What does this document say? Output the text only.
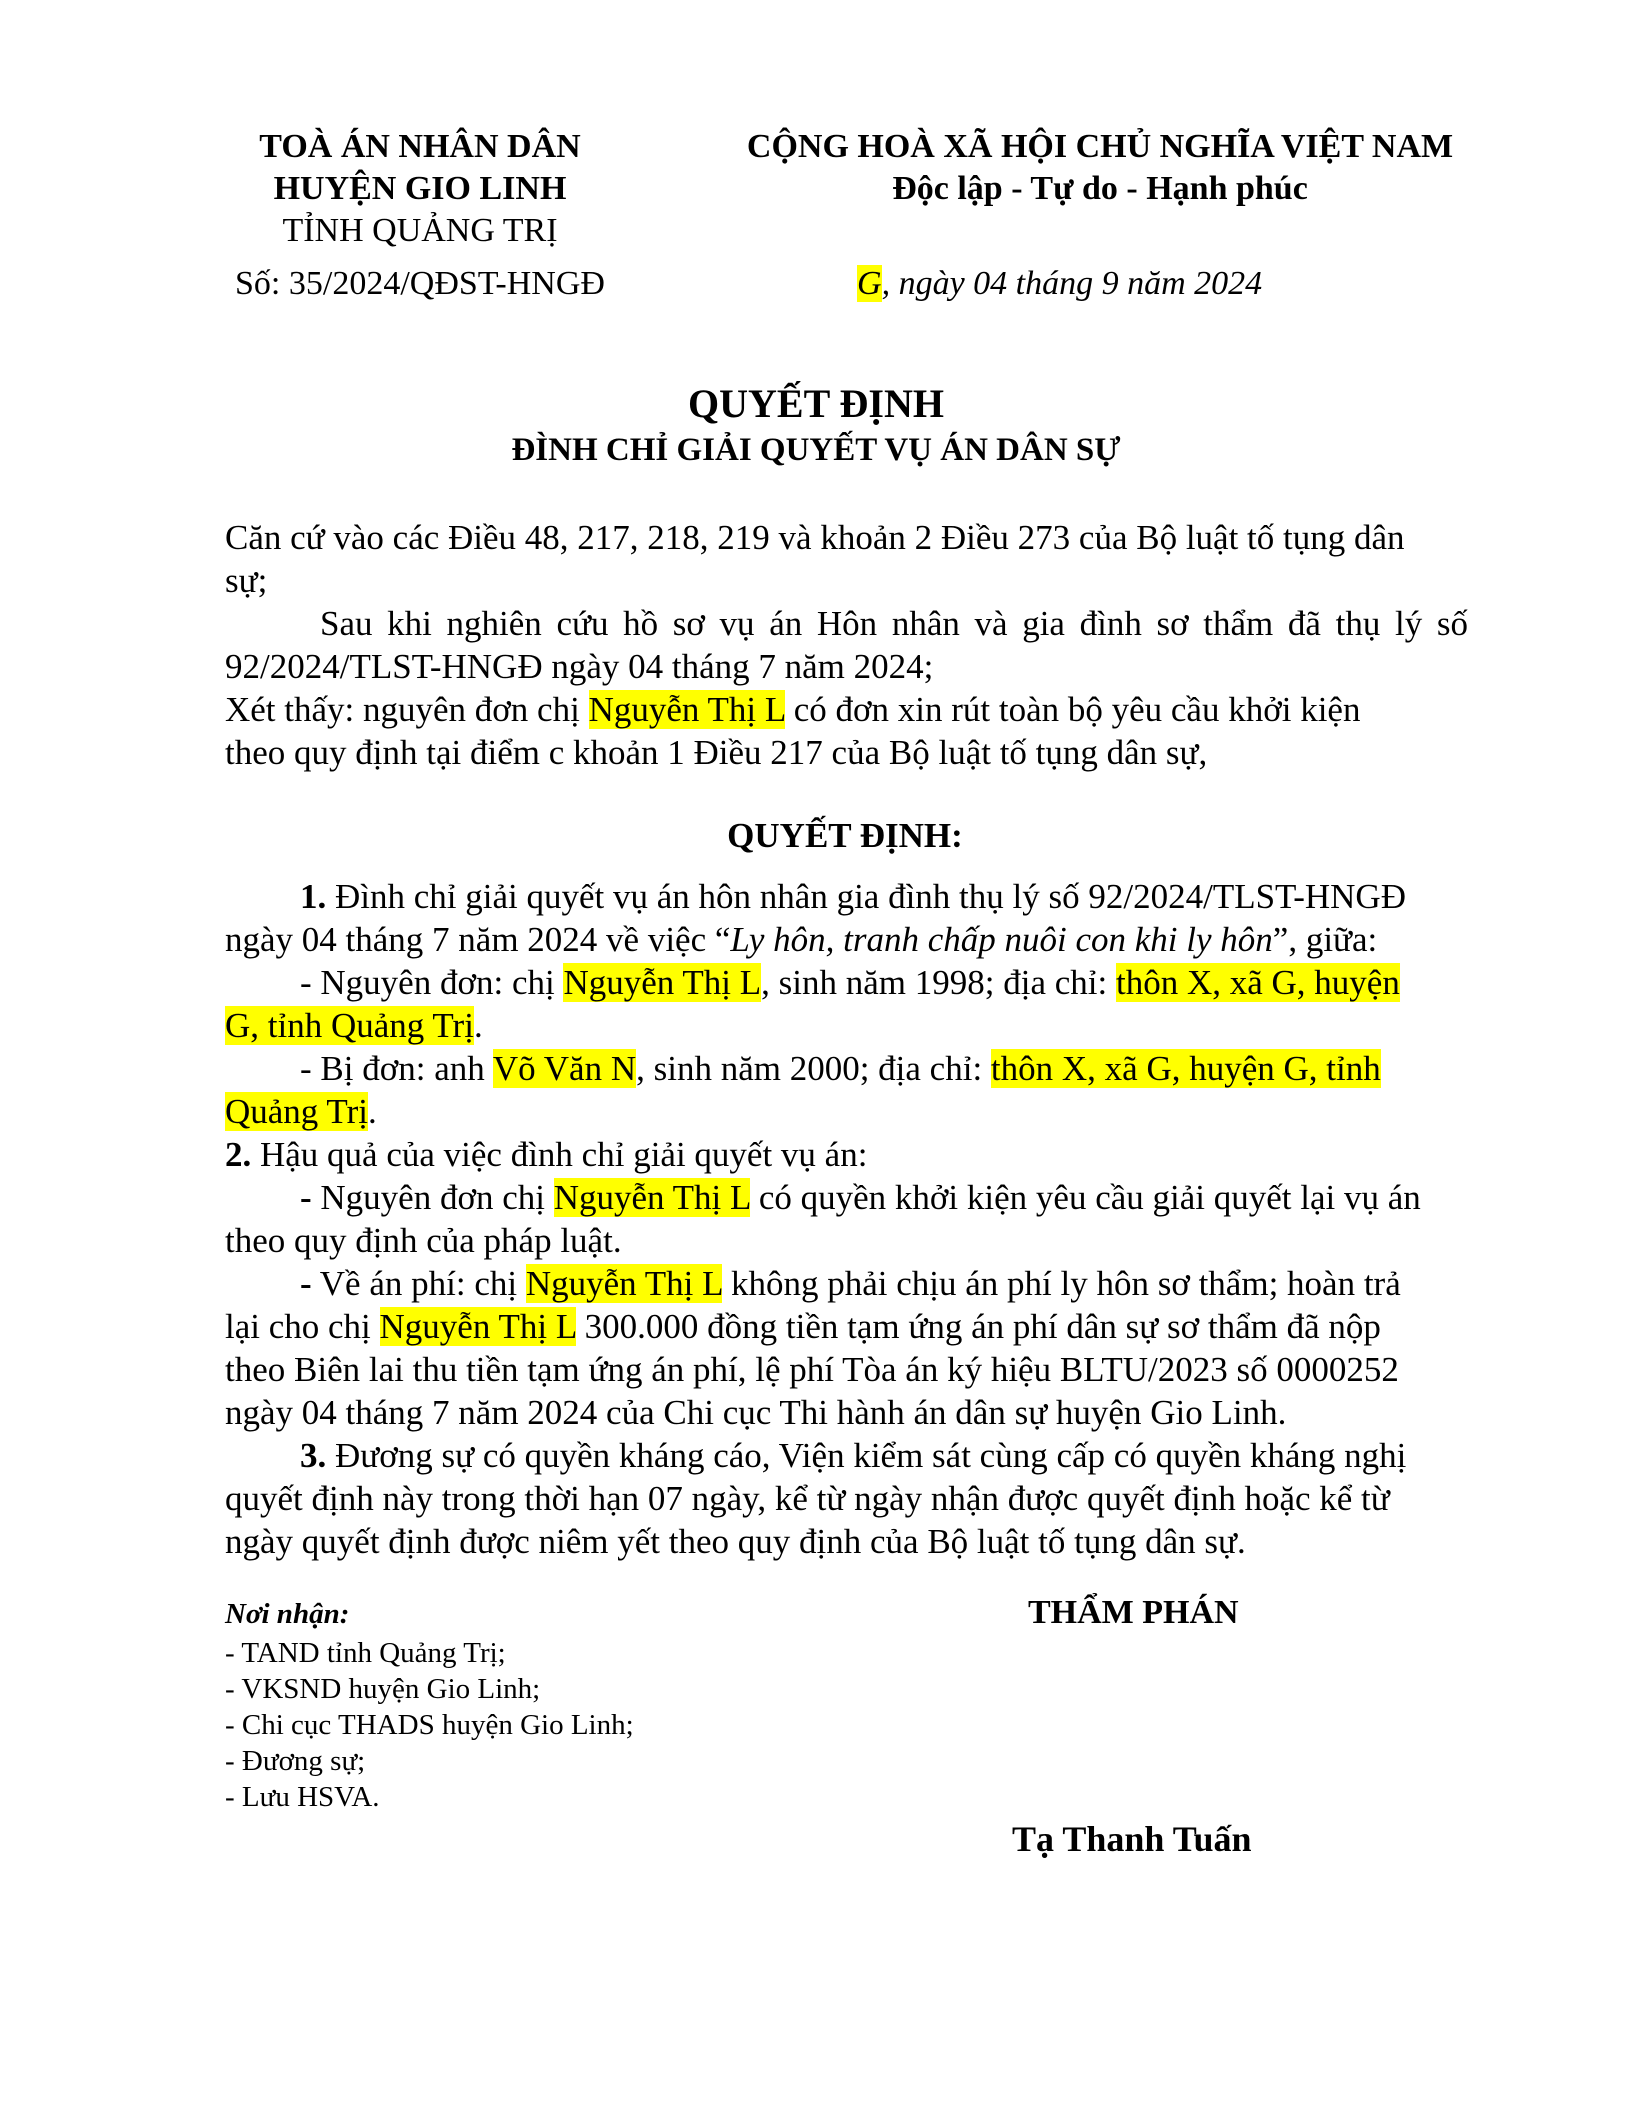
TOÀ ÁN NHÂN DÂN
HUYỆN GIO LINH
TỈNH QUẢNG TRỊ
Số: 35/2024/QĐST-HNGĐ
CỘNG HOÀ XÃ HỘI CHỦ NGHĨA VIỆT NAM
Độc lập - Tự do - Hạnh phúc
G, ngày 04 tháng 9 năm 2024
QUYẾT ĐỊNH
ĐÌNH CHỈ GIẢI QUYẾT VỤ ÁN DÂN SỰ
Căn cứ vào các Điều 48, 217, 218, 219 và khoản 2 Điều 273 của Bộ luật tố tụng dân
sự;
Sau khi nghiên cứu hồ sơ vụ án Hôn nhân và gia đình sơ thẩm đã thụ lý số
92/2024/TLST-HNGĐ ngày 04 tháng 7 năm 2024;
Xét thấy: nguyên đơn chị Nguyễn Thị L có đơn xin rút toàn bộ yêu cầu khởi kiện
theo quy định tại điểm c khoản 1 Điều 217 của Bộ luật tố tụng dân sự,
QUYẾT ĐỊNH:
1. Đình chỉ giải quyết vụ án hôn nhân gia đình thụ lý số 92/2024/TLST-HNGĐ
ngày 04 tháng 7 năm 2024 về việc “Ly hôn, tranh chấp nuôi con khi ly hôn”, giữa:
- Nguyên đơn: chị Nguyễn Thị L, sinh năm 1998; địa chỉ: thôn X, xã G, huyện
G, tỉnh Quảng Trị.
- Bị đơn: anh Võ Văn N, sinh năm 2000; địa chỉ: thôn X, xã G, huyện G, tỉnh
Quảng Trị.
2. Hậu quả của việc đình chỉ giải quyết vụ án:
- Nguyên đơn chị Nguyễn Thị L có quyền khởi kiện yêu cầu giải quyết lại vụ án
theo quy định của pháp luật.
- Về án phí: chị Nguyễn Thị L không phải chịu án phí ly hôn sơ thẩm; hoàn trả
lại cho chị Nguyễn Thị L 300.000 đồng tiền tạm ứng án phí dân sự sơ thẩm đã nộp
theo Biên lai thu tiền tạm ứng án phí, lệ phí Tòa án ký hiệu BLTU/2023 số 0000252
ngày 04 tháng 7 năm 2024 của Chi cục Thi hành án dân sự huyện Gio Linh.
3. Đương sự có quyền kháng cáo, Viện kiểm sát cùng cấp có quyền kháng nghị
quyết định này trong thời hạn 07 ngày, kể từ ngày nhận được quyết định hoặc kể từ
ngày quyết định được niêm yết theo quy định của Bộ luật tố tụng dân sự.
Nơi nhận:
- TAND tỉnh Quảng Trị;
- VKSND huyện Gio Linh;
- Chi cục THADS huyện Gio Linh;
- Đương sự;
- Lưu HSVA.
THẨM PHÁN
Tạ Thanh Tuấn
